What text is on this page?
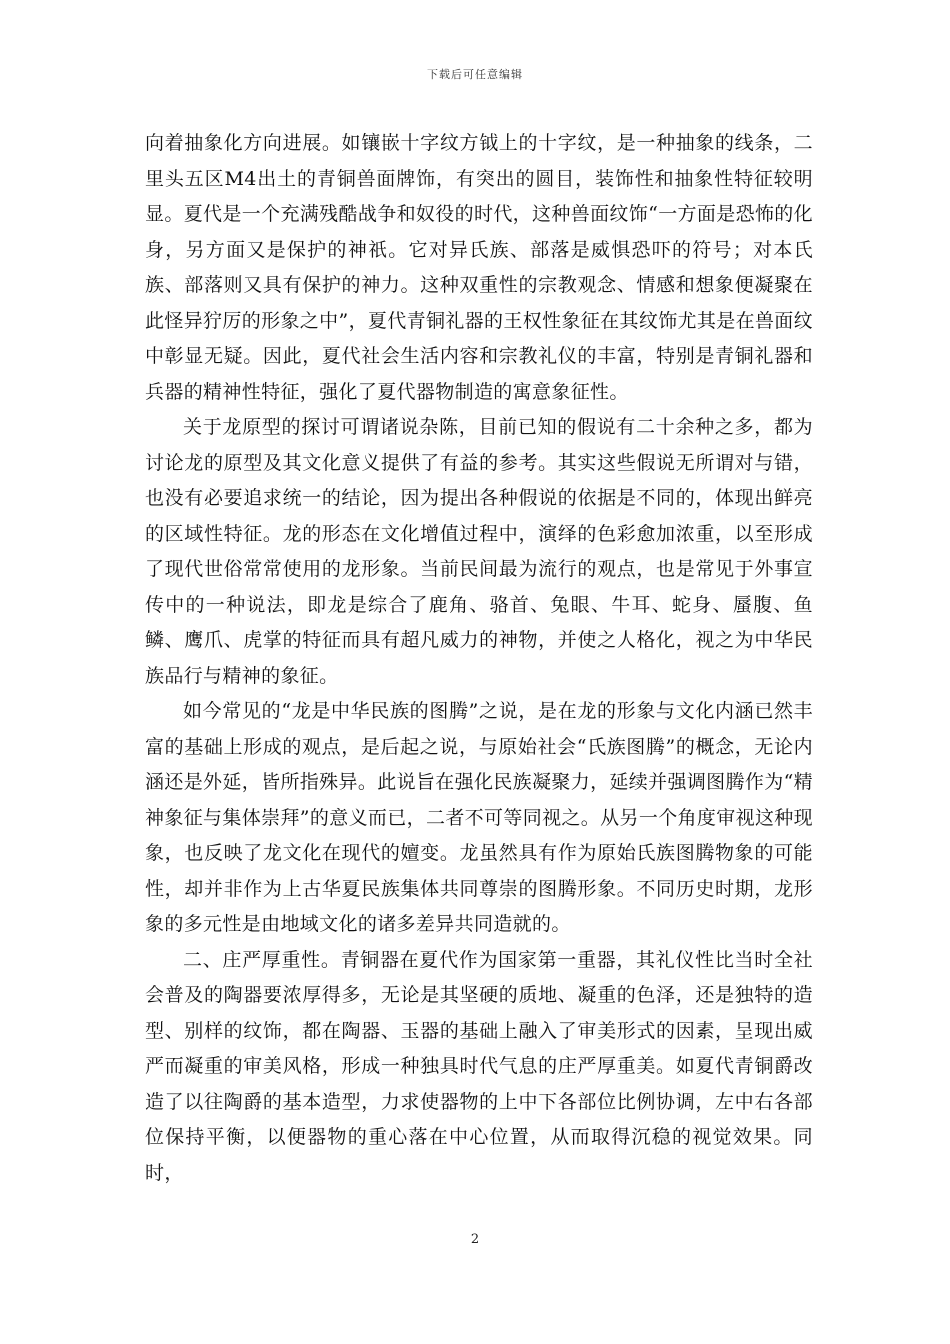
下载后可任意编辑

向着抽象化方向进展。如镶嵌十字纹方钺上的十字纹，是一种抽象的线条，二里头五区M4出土的青铜兽面牌饰，有突出的圆目，装饰性和抽象性特征较明显。夏代是一个充满残酷战争和奴役的时代，这种兽面纹饰“一方面是恐怖的化身，另方面又是保护的神祇。它对异氏族、部落是威惧恐吓的符号；对本氏族、部落则又具有保护的神力。这种双重性的宗教观念、情感和想象便凝聚在此怪异狞厉的形象之中”，夏代青铜礼器的王权性象征在其纹饰尤其是在兽面纹中彰显无疑。因此，夏代社会生活内容和宗教礼仪的丰富，特别是青铜礼器和兵器的精神性特征，强化了夏代器物制造的寓意象征性。

关于龙原型的探讨可谓诸说杂陈，目前已知的假说有二十余种之多，都为讨论龙的原型及其文化意义提供了有益的参考。其实这些假说无所谓对与错，也没有必要追求统一的结论，因为提出各种假说的依据是不同的，体现出鲜亮的区域性特征。龙的形态在文化增值过程中，演绎的色彩愈加浓重，以至形成了现代世俗常常使用的龙形象。当前民间最为流行的观点，也是常见于外事宣传中的一种说法，即龙是综合了鹿角、骆首、兔眼、牛耳、蛇身、蜃腹、鱼鳞、鹰爪、虎掌的特征而具有超凡威力的神物，并使之人格化，视之为中华民族品行与精神的象征。

如今常见的“龙是中华民族的图腾”之说，是在龙的形象与文化内涵已然丰富的基础上形成的观点，是后起之说，与原始社会“氏族图腾”的概念，无论内涵还是外延，皆所指殊异。此说旨在强化民族凝聚力，延续并强调图腾作为“精神象征与集体崇拜”的意义而已，二者不可等同视之。从另一个角度审视这种现象，也反映了龙文化在现代的嬗变。龙虽然具有作为原始氏族图腾物象的可能性，却并非作为上古华夏民族集体共同尊崇的图腾形象。不同历史时期，龙形象的多元性是由地域文化的诸多差异共同造就的。

二、庄严厚重性。青铜器在夏代作为国家第一重器，其礼仪性比当时全社会普及的陶器要浓厚得多，无论是其坚硬的质地、凝重的色泽，还是独特的造型、别样的纹饰，都在陶器、玉器的基础上融入了审美形式的因素，呈现出威严而凝重的审美风格，形成一种独具时代气息的庄严厚重美。如夏代青铜爵改造了以往陶爵的基本造型，力求使器物的上中下各部位比例协调，左中右各部位保持平衡，以便器物的重心落在中心位置，从而取得沉稳的视觉效果。同时，

2
